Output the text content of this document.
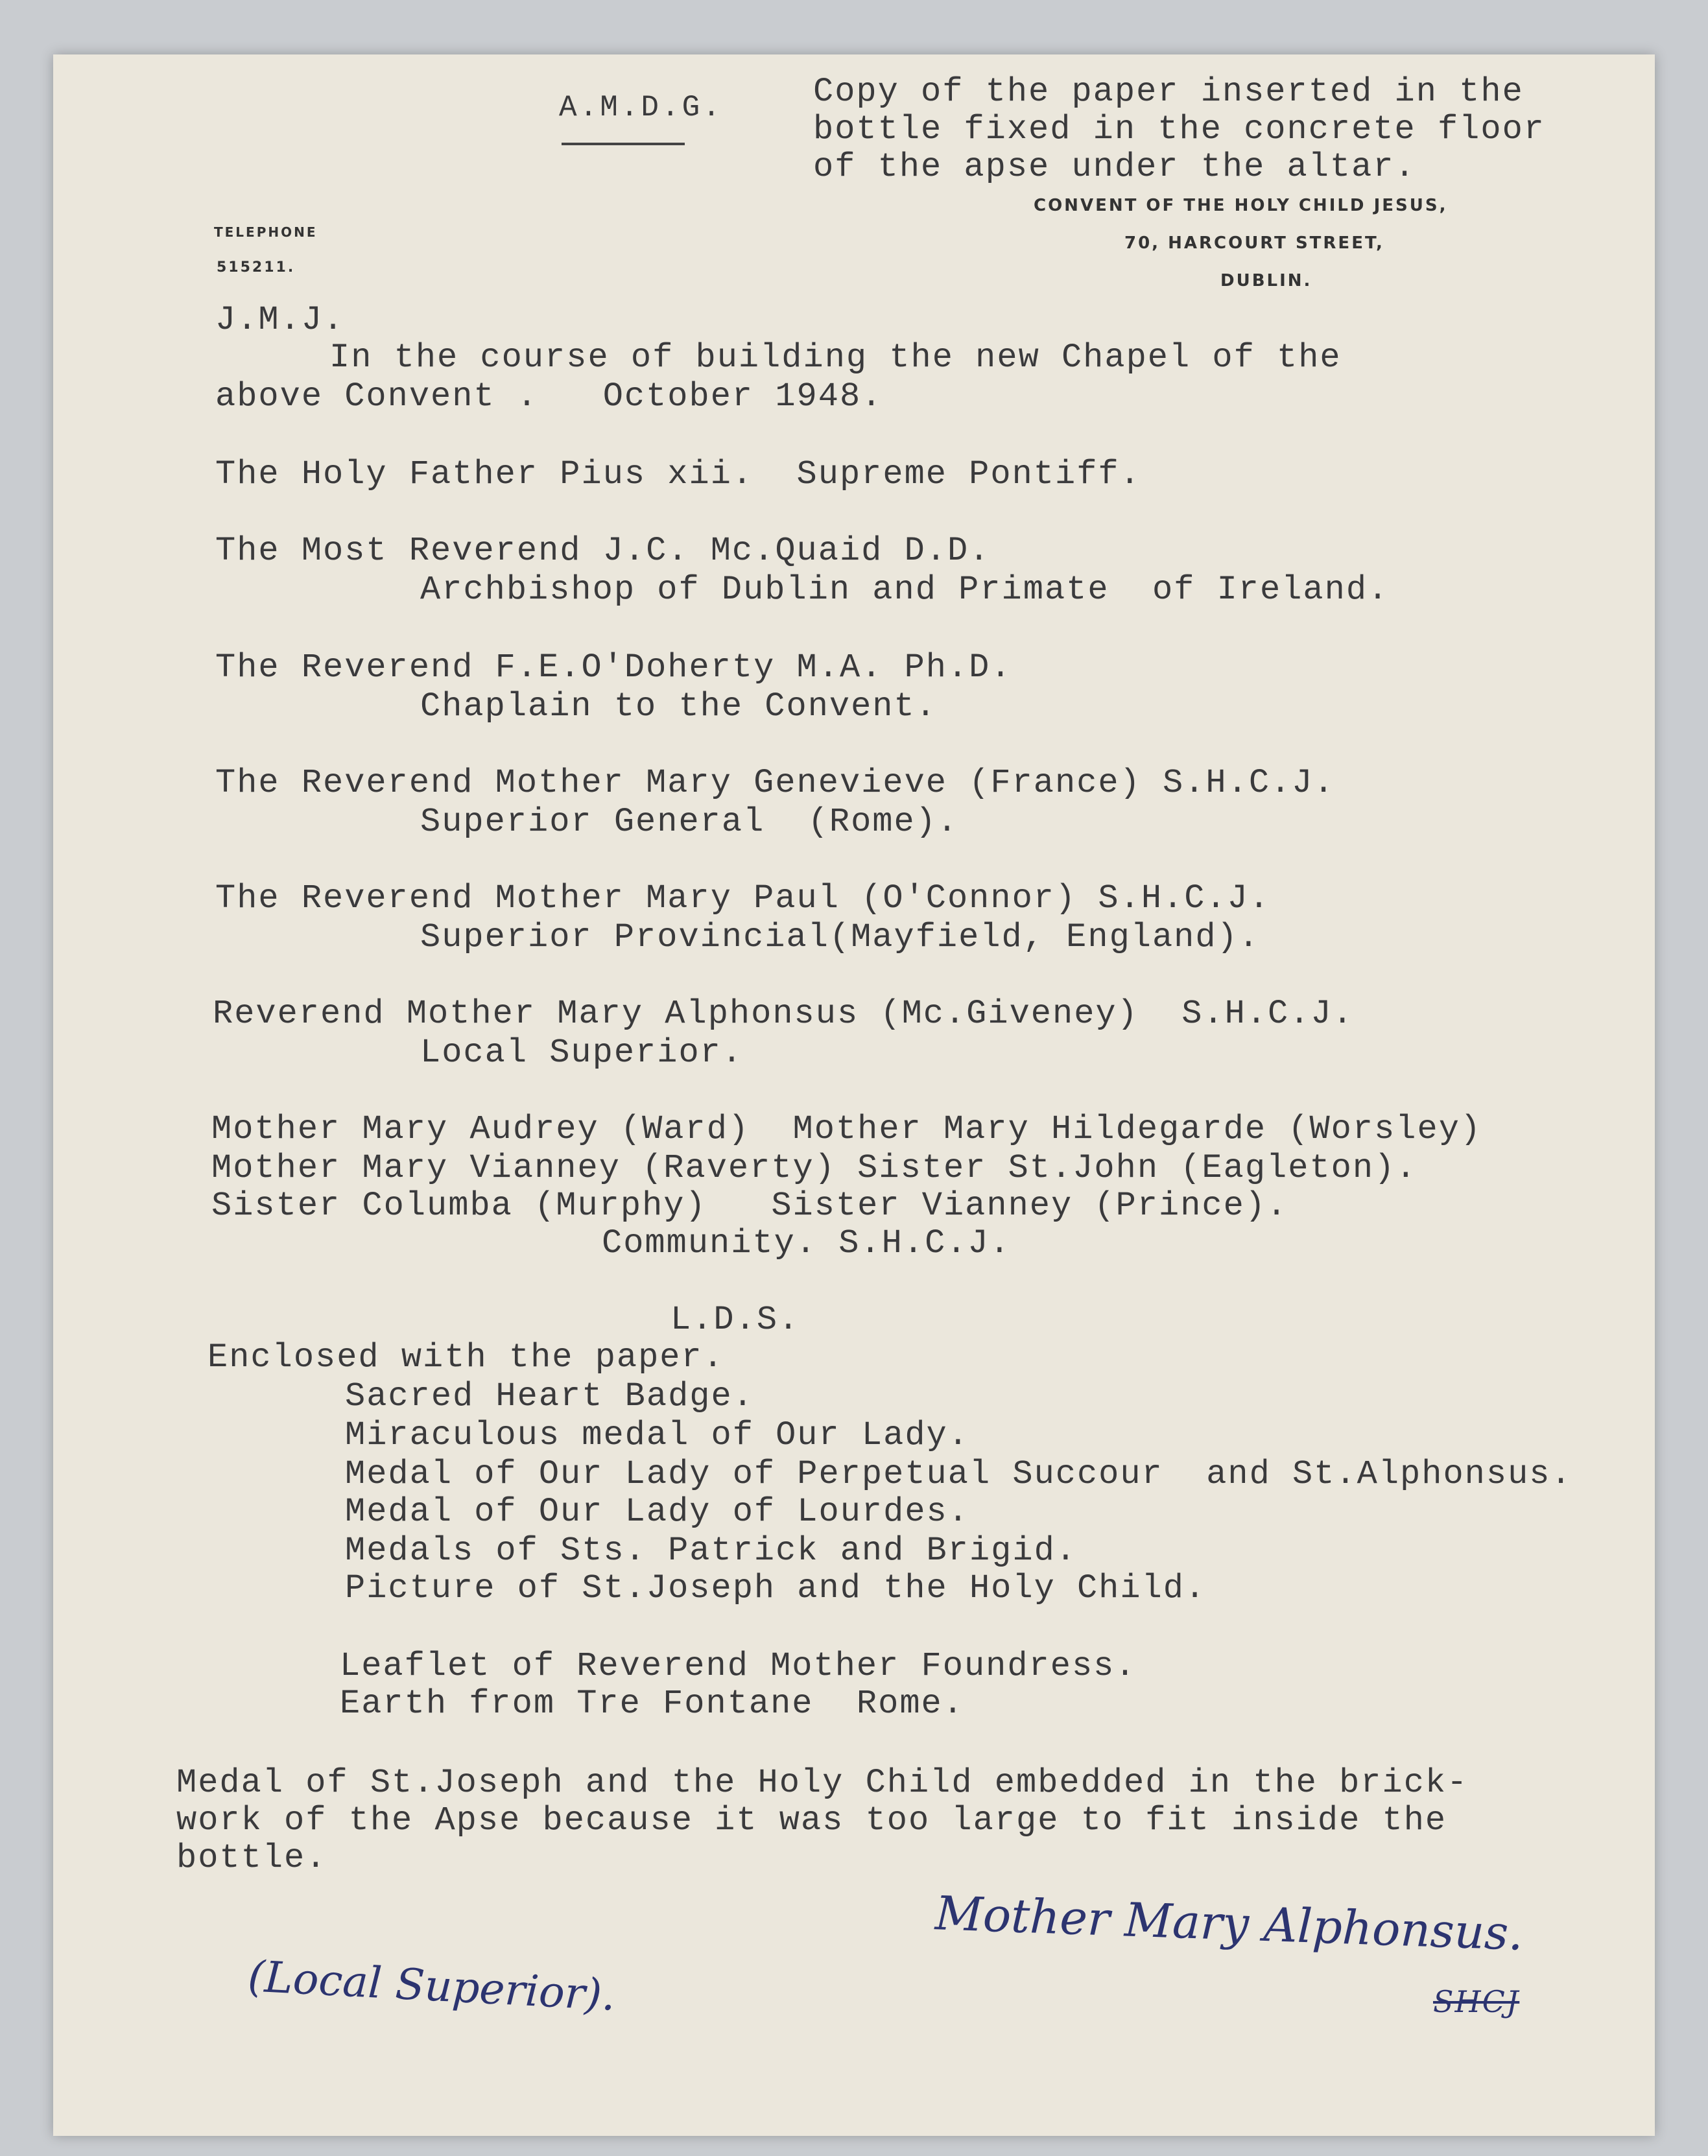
A.M.D.G.	Copy of the paper inserted in the
bottle fixed in the concrete floor
of the apse under the altar.
TELEPHONE
515211.
CONVENT OF THE HOLY CHILD JESUS,
70, HARCOURT STREET,
DUBLIN.
J.M.J.
In the course of building the new Chapel of the
above Convent .   October 1948.
The Holy Father Pius xii.  Supreme Pontiff.
The Most Reverend J.C. Mc.Quaid D.D.
Archbishop of Dublin and Primate  of Ireland.
The Reverend F.E.O'Doherty M.A. Ph.D.
Chaplain to the Convent.
The Reverend Mother Mary Genevieve (France) S.H.C.J.
Superior General  (Rome).
The Reverend Mother Mary Paul (O'Connor) S.H.C.J.
Superior Provincial(Mayfield, England).
Reverend Mother Mary Alphonsus (Mc.Giveney)  S.H.C.J.
Local Superior.
Mother Mary Audrey (Ward)  Mother Mary Hildegarde (Worsley)
Mother Mary Vianney (Raverty) Sister St.John (Eagleton).
Sister Columba (Murphy)   Sister Vianney (Prince).
Community. S.H.C.J.
L.D.S.
Enclosed with the paper.
Sacred Heart Badge.
Miraculous medal of Our Lady.
Medal of Our Lady of Perpetual Succour  and St.Alphonsus.
Medal of Our Lady of Lourdes.
Medals of Sts. Patrick and Brigid.
Picture of St.Joseph and the Holy Child.
Leaflet of Reverend Mother Foundress.
Earth from Tre Fontane  Rome.
Medal of St.Joseph and the Holy Child embedded in the brick-
work of the Apse because it was too large to fit inside the
bottle.
Mother Mary Alphonsus.
SHCJ
(Local Superior).
